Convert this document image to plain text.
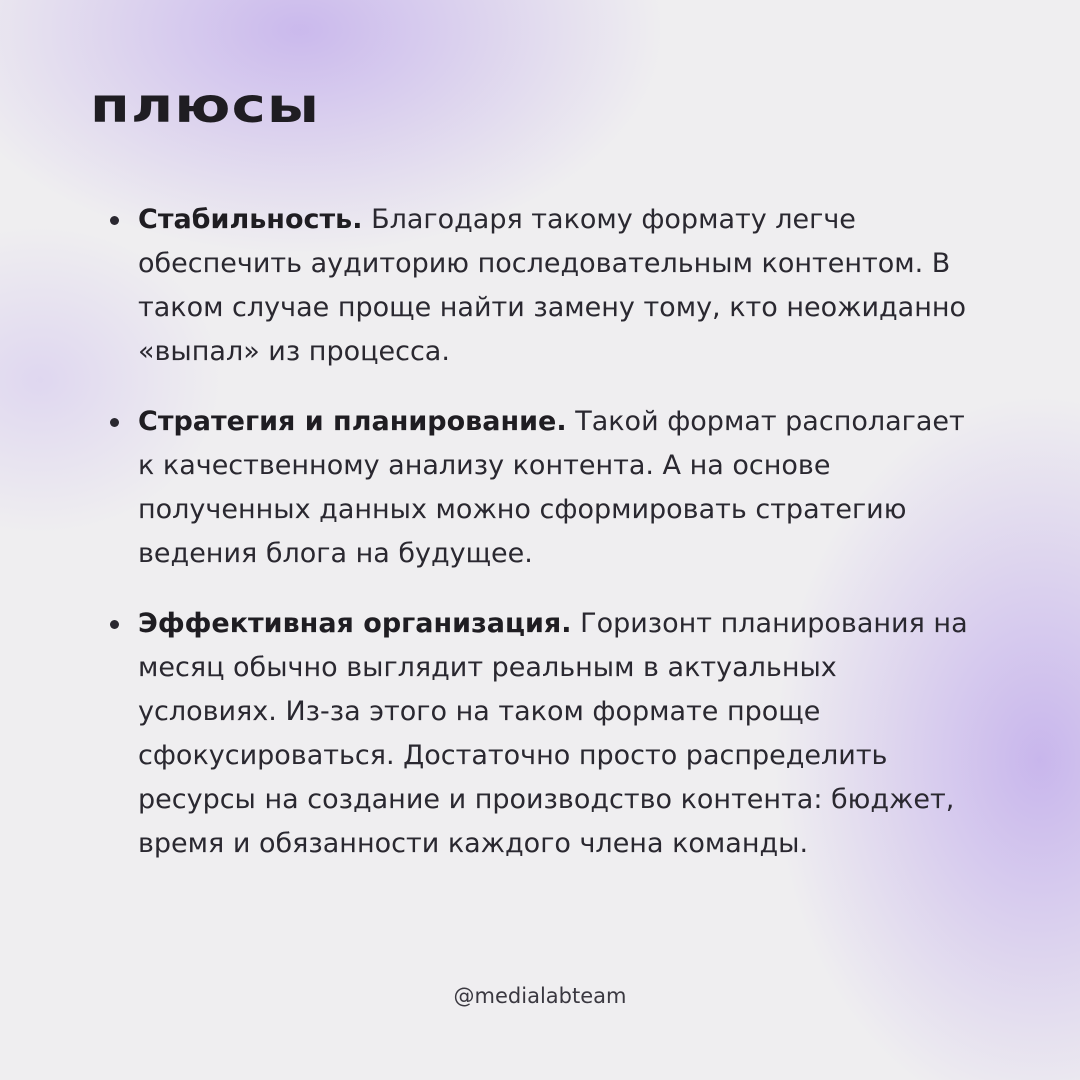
плюсы
Стабильность. Благодаря такому формату легче обеспечить аудиторию последовательным контентом. В таком случае проще найти замену тому, кто неожиданно «выпал» из процесса.
Стратегия и планирование. Такой формат располагает к качественному анализу контента. А на основе полученных данных можно сформировать стратегию ведения блога на будущее.
Эффективная организация. Горизонт планирования на месяц обычно выглядит реальным в актуальных условиях. Из-за этого на таком формате проще сфокусироваться. Достаточно просто распределить ресурсы на создание и производство контента: бюджет, время и обязанности каждого члена команды.
@medialabteam
